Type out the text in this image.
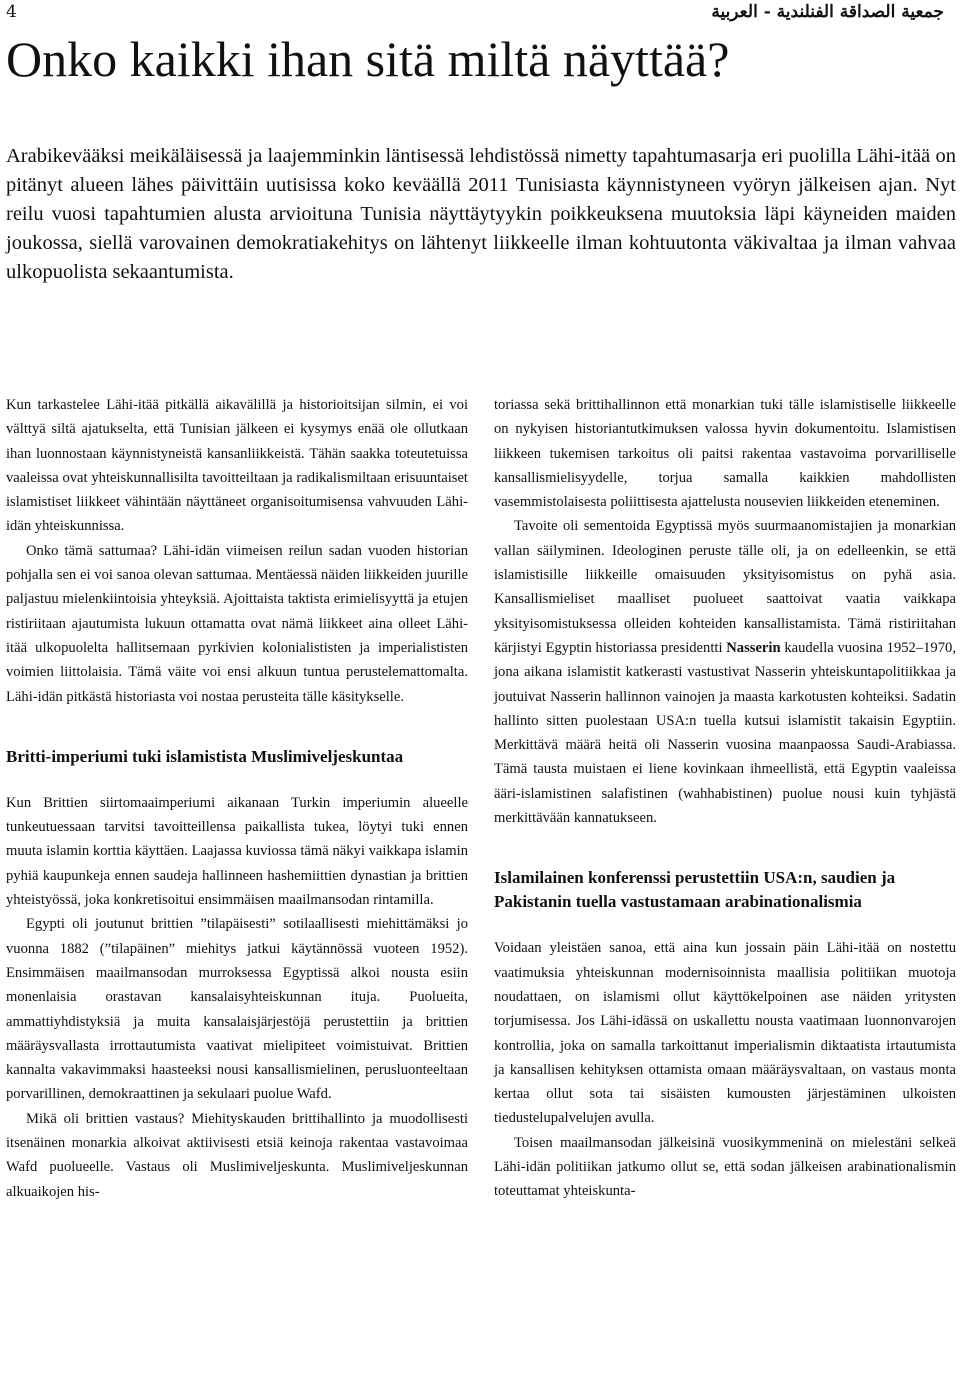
4	جمعية الصداقة الفنلندية - العربية
Onko kaikki ihan sitä miltä näyttää?

Arabikevääksi meikäläisessä ja laajemminkin läntisessä lehdistössä nimetty tapahtumasarja eri puolilla Lähi-itää on pitänyt alueen lähes päivittäin uutisissa koko keväällä 2011 Tunisiasta käynnistyneen vyöryn jälkeisen ajan. Nyt reilu vuosi tapahtumien alusta arvioituna Tunisia näyttäytyykin poikkeuksena muutoksia läpi käyneiden maiden joukossa, siellä varovainen demokratiakehitys on lähtenyt liikkeelle ilman kohtuutonta väkivaltaa ja ilman vahvaa ulkopuolista sekaantumista.

Kun tarkastelee Lähi-itää pitkällä aikavälillä ja historioitsijan silmin, ei voi välttyä siltä ajatukselta, että Tunisian jälkeen ei kysymys enää ole ollutkaan ihan luonnostaan käynnistyneistä kansanliikkeistä. Tähän saakka toteutetuissa vaaleissa ovat yhteiskunnallisilta tavoitteiltaan ja radikalismiltaan erisuuntaiset islamistiset liikkeet vähintään näyttäneet organisoitumisensa vahvuuden Lähi-idän yhteiskunnissa.

Onko tämä sattumaa? Lähi-idän viimeisen reilun sadan vuoden historian pohjalla sen ei voi sanoa olevan sattumaa. Mentäessä näiden liikkeiden juurille paljastuu mielenkiintoisia yhteyksiä. Ajoittaista taktista erimielisyyttä ja etujen ristiriitaan ajautumista lukuun ottamatta ovat nämä liikkeet aina olleet Lähi-itää ulkopuolelta hallitsemaan pyrkivien kolonialististen ja imperialististen voimien liittolaisia. Tämä väite voi ensi alkuun tuntua perustelemattomalta. Lähi-idän pitkästä historiasta voi nostaa perusteita tälle käsitykselle.

Britti-imperiumi tuki islamistista Muslimiveljeskuntaa

Kun Brittien siirtomaaimperiumi aikanaan Turkin imperiumin alueelle tunkeutuessaan tarvitsi tavoitteillensa paikallista tukea, löytyi tuki ennen muuta islamin korttia käyttäen. Laajassa kuviossa tämä näkyi vaikkapa islamin pyhiä kaupunkeja ennen saudeja hallinneen hashemiittien dynastian ja brittien yhteistyössä, joka konkretisoitui ensimmäisen maailmansodan rintamilla.

Egypti oli joutunut brittien ”tilapäisesti” sotilaallisesti miehittämäksi jo vuonna 1882 (”tilapäinen” miehitys jatkui käytännössä vuoteen 1952). Ensimmäisen maailmansodan murroksessa Egyptissä alkoi nousta esiin monenlaisia orastavan kansalaisyhteiskunnan ituja. Puolueita, ammattiyhdistyksiä ja muita kansalaisjärjestöjä perustettiin ja brittien määräysvallasta irrottautumista vaativat mielipiteet voimistuivat. Brittien kannalta vakavimmaksi haasteeksi nousi kansallismielinen, perusluonteeltaan porvarillinen, demokraattinen ja sekulaari puolue Wafd.

Mikä oli brittien vastaus? Miehityskauden brittihallinto ja muodollisesti itsenäinen monarkia alkoivat aktiivisesti etsiä keinoja rakentaa vastavoimaa Wafd puolueelle. Vastaus oli Muslimiveljeskunta. Muslimiveljeskunnan alkuaikojen his-

toriassa sekä brittihallinnon että monarkian tuki tälle islamistiselle liikkeelle on nykyisen historiantutkimuksen valossa hyvin dokumentoitu. Islamistisen liikkeen tukemisen tarkoitus oli paitsi rakentaa vastavoima porvarilliselle kansallismielisyydelle, torjua samalla kaikkien mahdollisten vasemmistolaisesta poliittisesta ajattelusta nousevien liikkeiden eteneminen.

Tavoite oli sementoida Egyptissä myös suurmaanomistajien ja monarkian vallan säilyminen. Ideologinen peruste tälle oli, ja on edelleenkin, se että islamistisille liikkeille omaisuuden yksityisomistus on pyhä asia. Kansallismieliset maalliset puolueet saattoivat vaatia vaikkapa yksityisomistuksessa olleiden kohteiden kansallistamista. Tämä ristiriitahan kärjistyi Egyptin historiassa presidentti Nasserin kaudella vuosina 1952–1970, jona aikana islamistit katkerasti vastustivat Nasserin yhteiskuntapolitiikkaa ja joutuivat Nasserin hallinnon vainojen ja maasta karkotusten kohteiksi. Sadatin hallinto sitten puolestaan USA:n tuella kutsui islamistit takaisin Egyptiin. Merkittävä määrä heitä oli Nasserin vuosina maanpaossa Saudi-Arabiassa. Tämä tausta muistaen ei liene kovinkaan ihmeellistä, että Egyptin vaaleissa ääri-islamistinen salafistinen (wahhabistinen) puolue nousi kuin tyhjästä merkittävään kannatukseen.

Islamilainen konferenssi perustettiin USA:n, saudien ja Pakistanin tuella vastustamaan arabinationalismia

Voidaan yleistäen sanoa, että aina kun jossain päin Lähi-itää on nostettu vaatimuksia yhteiskunnan modernisoinnista maallisia politiikan muotoja noudattaen, on islamismi ollut käyttökelpoinen ase näiden yritysten torjumisessa. Jos Lähi-idässä on uskallettu nousta vaatimaan luonnonvarojen kontrollia, joka on samalla tarkoittanut imperialismin diktaatista irtautumista ja kansallisen kehityksen ottamista omaan määräysvaltaan, on vastaus monta kertaa ollut sota tai sisäisten kumousten järjestäminen ulkoisten tiedustelupalvelujen avulla.

Toisen maailmansodan jälkeisinä vuosikymmeninä on mielestäni selkeä Lähi-idän politiikan jatkumo ollut se, että sodan jälkeisen arabinationalismin toteuttamat yhteiskunta-
